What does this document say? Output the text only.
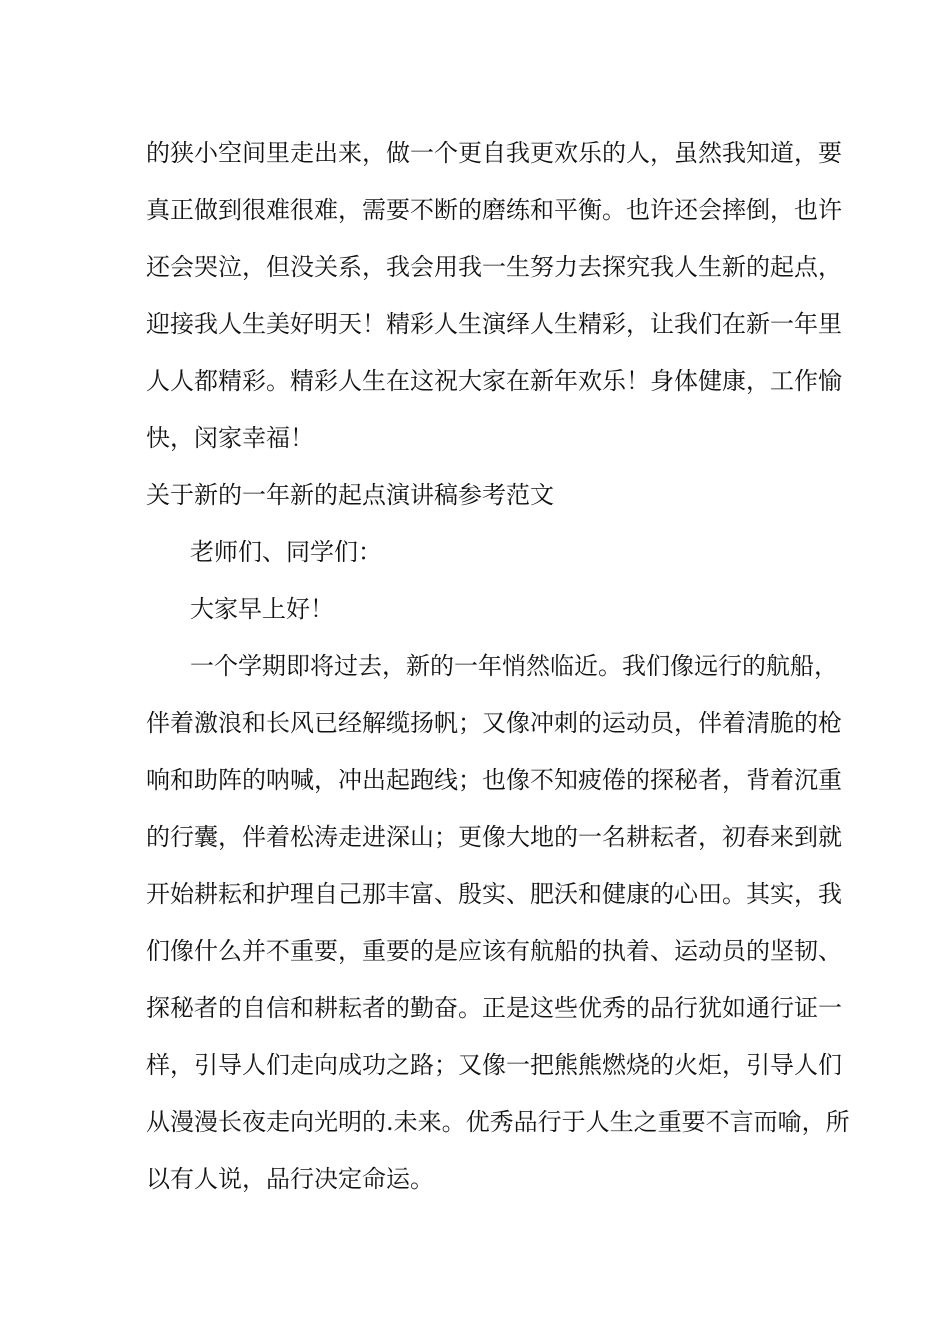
的狭小空间里走出来，做一个更自我更欢乐的人，虽然我知道，要
真正做到很难很难，需要不断的磨练和平衡。也许还会摔倒，也许
还会哭泣，但没关系，我会用我一生努力去探究我人生新的起点，
迎接我人生美好明天！精彩人生演绎人生精彩，让我们在新一年里
人人都精彩。精彩人生在这祝大家在新年欢乐！身体健康，工作愉
快，闵家幸福！
关于新的一年新的起点演讲稿参考范文
老师们、同学们：
大家早上好！
一个学期即将过去，新的一年悄然临近。我们像远行的航船，
伴着激浪和长风已经解缆扬帆；又像冲刺的运动员，伴着清脆的枪
响和助阵的呐喊，冲出起跑线；也像不知疲倦的探秘者，背着沉重
的行囊，伴着松涛走进深山；更像大地的一名耕耘者，初春来到就
开始耕耘和护理自己那丰富、殷实、肥沃和健康的心田。其实，我
们像什么并不重要，重要的是应该有航船的执着、运动员的坚韧、
探秘者的自信和耕耘者的勤奋。正是这些优秀的品行犹如通行证一
样，引导人们走向成功之路；又像一把熊熊燃烧的火炬，引导人们
从漫漫长夜走向光明的.未来。优秀品行于人生之重要不言而喻，所
以有人说，品行决定命运。
